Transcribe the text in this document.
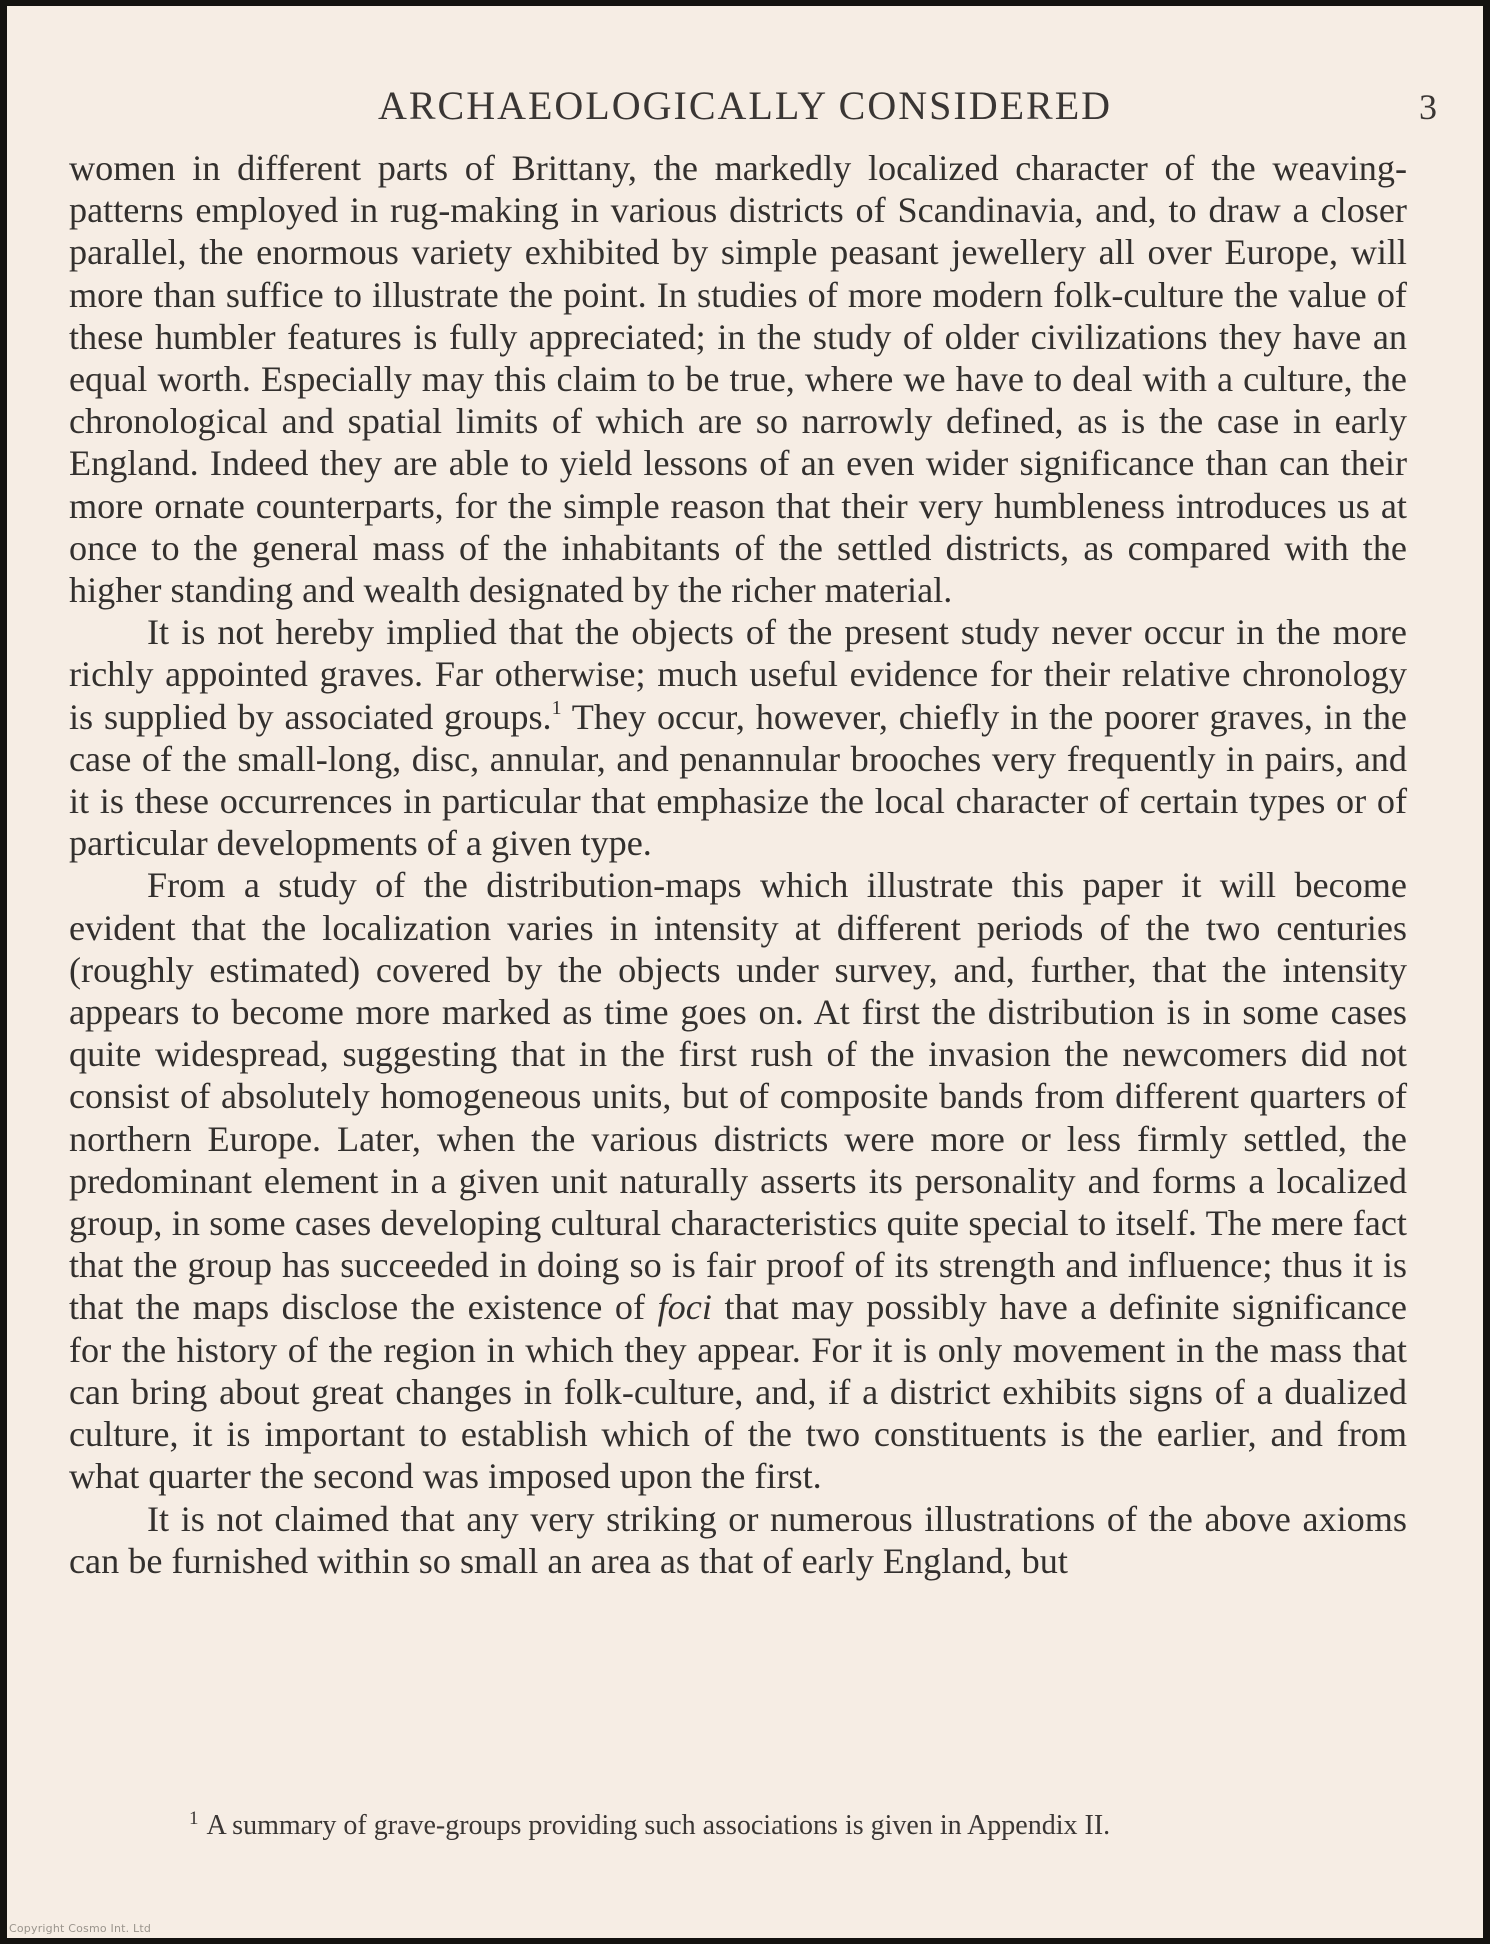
ARCHAEOLOGICALLY CONSIDERED	3

women in different parts of Brittany, the markedly localized character of the weaving-patterns employed in rug-making in various districts of Scandinavia, and, to draw a closer parallel, the enormous variety exhibited by simple peasant jewellery all over Europe, will more than suffice to illustrate the point. In studies of more modern folk-culture the value of these humbler features is fully appreciated; in the study of older civilizations they have an equal worth. Especially may this claim to be true, where we have to deal with a culture, the chronological and spatial limits of which are so narrowly defined, as is the case in early England. Indeed they are able to yield lessons of an even wider significance than can their more ornate counterparts, for the simple reason that their very humbleness introduces us at once to the general mass of the inhabitants of the settled districts, as compared with the higher standing and wealth designated by the richer material.

It is not hereby implied that the objects of the present study never occur in the more richly appointed graves. Far otherwise; much useful evidence for their relative chronology is supplied by associated groups.$^1$ They occur, however, chiefly in the poorer graves, in the case of the small-long, disc, annular, and penannular brooches very frequently in pairs, and it is these occurrences in particular that emphasize the local character of certain types or of particular developments of a given type.

From a study of the distribution-maps which illustrate this paper it will become evident that the localization varies in intensity at different periods of the two centuries (roughly estimated) covered by the objects under survey, and, further, that the intensity appears to become more marked as time goes on. At first the distribution is in some cases quite widespread, suggesting that in the first rush of the invasion the newcomers did not consist of absolutely homogeneous units, but of composite bands from different quarters of northern Europe. Later, when the various districts were more or less firmly settled, the predominant element in a given unit naturally asserts its personality and forms a localized group, in some cases developing cultural characteristics quite special to itself. The mere fact that the group has succeeded in doing so is fair proof of its strength and influence; thus it is that the maps disclose the existence of foci that may possibly have a definite significance for the history of the region in which they appear. For it is only movement in the mass that can bring about great changes in folk-culture, and, if a district exhibits signs of a dualized culture, it is important to establish which of the two constituents is the earlier, and from what quarter the second was imposed upon the first.

It is not claimed that any very striking or numerous illustrations of the above axioms can be furnished within so small an area as that of early England, but

$^1$ A summary of grave-groups providing such associations is given in Appendix II.

Copyright Cosmo Int. Ltd
